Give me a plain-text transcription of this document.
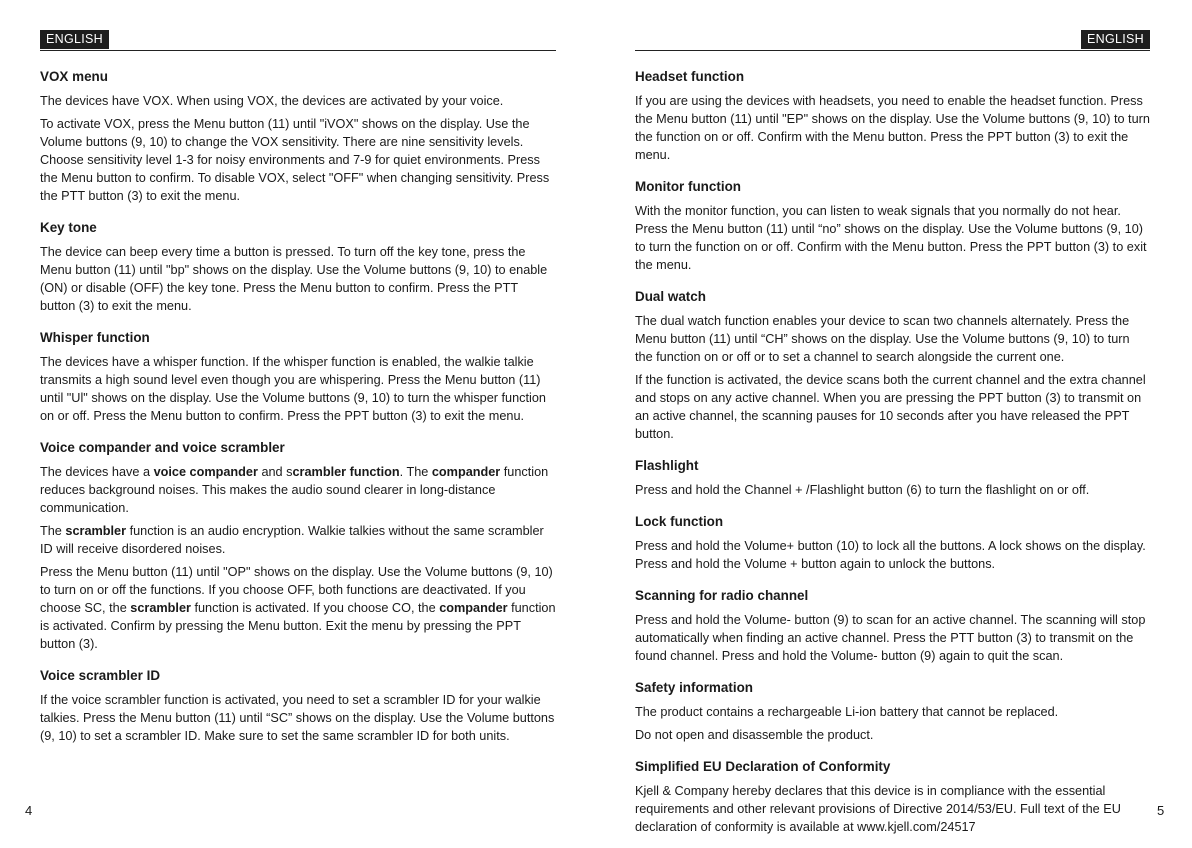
ENGLISH	ENGLISH
VOX menu

The devices have VOX. When using VOX, the devices are activated by your voice.

To activate VOX, press the Menu button (11) until "iVOX" shows on the display. Use the Volume buttons (9, 10) to change the VOX sensitivity. There are nine sensitivity levels. Choose sensitivity level 1-3 for noisy environments and 7-9 for quiet environments. Press the Menu button to confirm. To disable VOX, select "OFF" when changing sensitivity. Press the PTT button (3) to exit the menu.

Key tone

The device can beep every time a button is pressed. To turn off the key tone, press the Menu button (11) until "bp" shows on the display. Use the Volume buttons (9, 10) to enable (ON) or disable (OFF) the key tone. Press the Menu button to confirm. Press the PTT button (3) to exit the menu.

Whisper function

The devices have a whisper function. If the whisper function is enabled, the walkie talkie transmits a high sound level even though you are whispering. Press the Menu button (11) until "Ul" shows on the display. Use the Volume buttons (9, 10) to turn the whisper function on or off. Press the Menu button to confirm. Press the PPT button (3) to exit the menu.

Voice compander and voice scrambler

The devices have a voice compander and scrambler function. The compander function reduces background noises. This makes the audio sound clearer in long-distance communication.

The scrambler function is an audio encryption. Walkie talkies without the same scrambler ID will receive disordered noises.

Press the Menu button (11) until "OP" shows on the display. Use the Volume buttons (9, 10) to turn on or off the functions. If you choose OFF, both functions are deactivated. If you choose SC, the scrambler function is activated. If you choose CO, the compander function is activated. Confirm by pressing the Menu button. Exit the menu by pressing the PPT button (3).

Voice scrambler ID

If the voice scrambler function is activated, you need to set a scrambler ID for your walkie talkies. Press the Menu button (11) until “SC” shows on the display. Use the Volume buttons (9, 10) to set a scrambler ID. Make sure to set the same scrambler ID for both units.

Headset function

If you are using the devices with headsets, you need to enable the headset function. Press the Menu button (11) until "EP" shows on the display. Use the Volume buttons (9, 10) to turn the function on or off. Confirm with the Menu button. Press the PPT button (3) to exit the menu.

Monitor function

With the monitor function, you can listen to weak signals that you normally do not hear. Press the Menu button (11) until “no” shows on the display. Use the Volume buttons (9, 10) to turn the function on or off. Confirm with the Menu button. Press the PPT button (3) to exit the menu.

Dual watch

The dual watch function enables your device to scan two channels alternately. Press the Menu button (11) until “CH” shows on the display. Use the Volume buttons (9, 10) to turn the function on or off or to set a channel to search alongside the current one.

If the function is activated, the device scans both the current channel and the extra channel and stops on any active channel. When you are pressing the PPT button (3) to transmit on an active channel, the scanning pauses for 10 seconds after you have released the PPT button.

Flashlight

Press and hold the Channel + /Flashlight button (6) to turn the flashlight on or off.

Lock function

Press and hold the Volume+ button (10) to lock all the buttons. A lock shows on the display. Press and hold the Volume + button again to unlock the buttons.

Scanning for radio channel

Press and hold the Volume- button (9) to scan for an active channel. The scanning will stop automatically when finding an active channel. Press the PTT button (3) to transmit on the found channel. Press and hold the Volume- button (9) again to quit the scan.

Safety information

The product contains a rechargeable Li-ion battery that cannot be replaced.

Do not open and disassemble the product.

Simplified EU Declaration of Conformity

Kjell & Company hereby declares that this device is in compliance with the essential requirements and other relevant provisions of Directive 2014/53/EU. Full text of the EU declaration of conformity is available at www.kjell.com/24517

4	5
